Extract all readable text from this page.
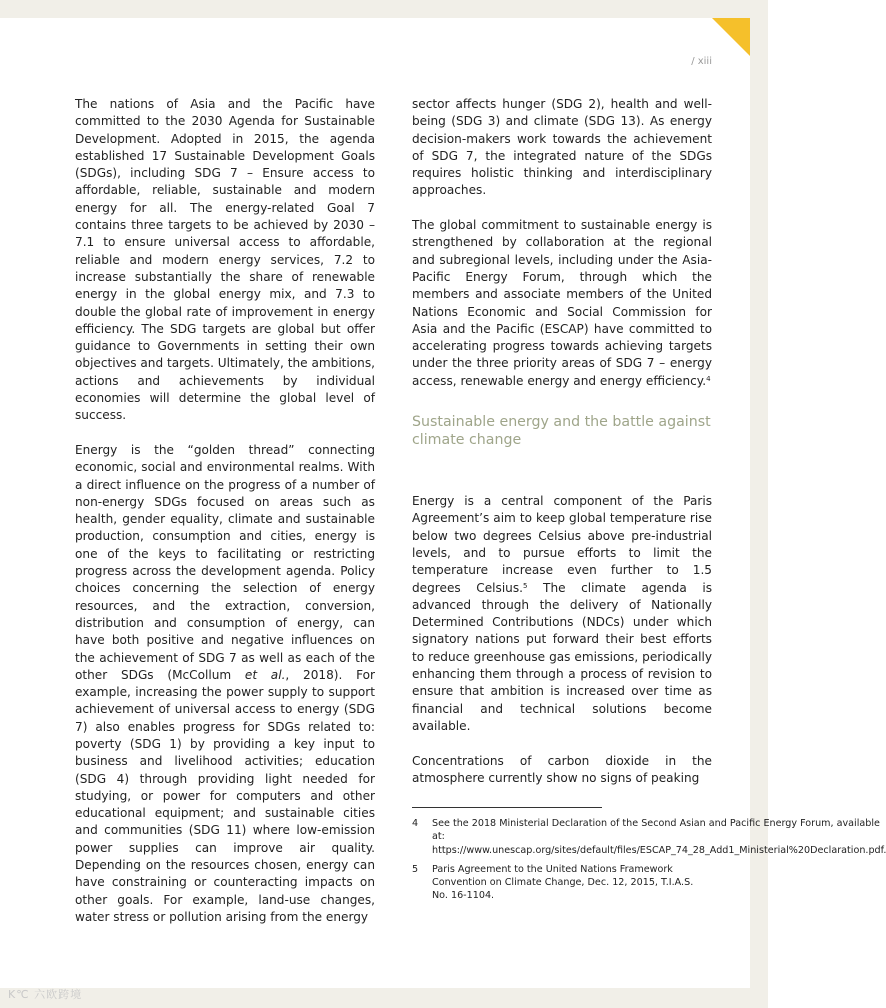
/ xiii

The nations of Asia and the Pacific have committed to the 2030 Agenda for Sustainable Development. Adopted in 2015, the agenda established 17 Sustainable Development Goals (SDGs), including SDG 7 – Ensure access to affordable, reliable, sustainable and modern energy for all. The energy-related Goal 7 contains three targets to be achieved by 2030 – 7.1 to ensure universal access to affordable, reliable and modern energy services, 7.2 to increase substantially the share of renewable energy in the global energy mix, and 7.3 to double the global rate of improvement in energy efficiency. The SDG targets are global but offer guidance to Governments in setting their own objectives and targets. Ultimately, the ambitions, actions and achievements by individual economies will determine the global level of success.

Energy is the “golden thread” connecting economic, social and environmental realms. With a direct influence on the progress of a number of non-energy SDGs focused on areas such as health, gender equality, climate and sustainable production, consumption and cities, energy is one of the keys to facilitating or restricting progress across the development agenda. Policy choices concerning the selection of energy resources, and the extraction, conversion, distribution and consumption of energy, can have both positive and negative influences on the achievement of SDG 7 as well as each of the other SDGs (McCollum et al., 2018). For example, increasing the power supply to support achievement of universal access to energy (SDG 7) also enables progress for SDGs related to: poverty (SDG 1) by providing a key input to business and livelihood activities; education (SDG 4) through providing light needed for studying, or power for computers and other educational equipment; and sustainable cities and communities (SDG 11) where low-emission power supplies can improve air quality. Depending on the resources chosen, energy can have constraining or counteracting impacts on other goals. For example, land-use changes, water stress or pollution arising from the energy

sector affects hunger (SDG 2), health and well-being (SDG 3) and climate (SDG 13). As energy decision-makers work towards the achievement of SDG 7, the integrated nature of the SDGs requires holistic thinking and interdisciplinary approaches.

The global commitment to sustainable energy is strengthened by collaboration at the regional and subregional levels, including under the Asia-Pacific Energy Forum, through which the members and associate members of the United Nations Economic and Social Commission for Asia and the Pacific (ESCAP) have committed to accelerating progress towards achieving targets under the three priority areas of SDG 7 – energy access, renewable energy and energy efficiency.$^4$

Sustainable energy and the battle against climate change

Energy is a central component of the Paris Agreement’s aim to keep global temperature rise below two degrees Celsius above pre-industrial levels, and to pursue efforts to limit the temperature increase even further to 1.5 degrees Celsius.$^5$ The climate agenda is advanced through the delivery of Nationally Determined Contributions (NDCs) under which signatory nations put forward their best efforts to reduce greenhouse gas emissions, periodically enhancing them through a process of revision to ensure that ambition is increased over time as financial and technical solutions become available.

Concentrations of carbon dioxide in the atmosphere currently show no signs of peaking

4	See the 2018 Ministerial Declaration of the Second Asian and Pacific Energy Forum, available at: https://www.unescap.org/sites/default/files/ESCAP_74_28_Add1_Ministerial%20Declaration.pdf.
5	Paris Agreement to the United Nations Framework Convention on Climate Change, Dec. 12, 2015, T.I.A.S. No. 16-1104.
K℃ 六欧跨境
